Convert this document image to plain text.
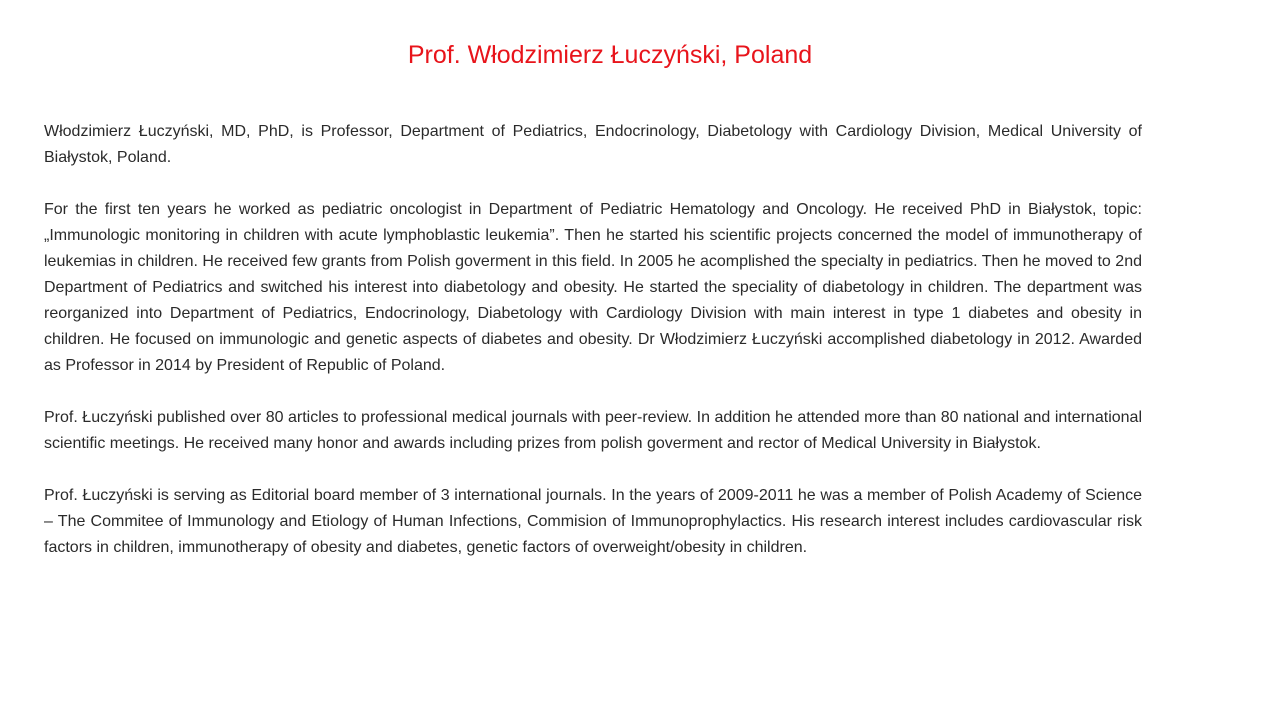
Prof. Włodzimierz Łuczyński, Poland

Włodzimierz Łuczyński, MD, PhD, is Professor, Department of Pediatrics, Endocrinology, Diabetology with Cardiology Division, Medical University of Białystok, Poland.

For the first ten years he worked as pediatric oncologist in Department of Pediatric Hematology and Oncology. He received PhD in Białystok, topic: „Immunologic monitoring in children with acute lymphoblastic leukemia”. Then he started his scientific projects concerned the model of immunotherapy of leukemias in children. He received few grants from Polish goverment in this field. In 2005 he acomplished the specialty in pediatrics. Then he moved to 2nd Department of Pediatrics and switched his interest into diabetology and obesity. He started the speciality of diabetology in children. The department was reorganized into Department of Pediatrics, Endocrinology, Diabetology with Cardiology Division with main interest in type 1 diabetes and obesity in children. He focused on immunologic and genetic aspects of diabetes and obesity. Dr Włodzimierz Łuczyński accomplished diabetology in 2012. Awarded as Professor in 2014 by President of Republic of Poland.

Prof. Łuczyński published over 80 articles to professional medical journals with peer-review. In addition he attended more than 80 national and international scientific meetings. He received many honor and awards including prizes from polish goverment and rector of Medical University in Białystok.

Prof. Łuczyński is serving as Editorial board member of 3 international journals. In the years of 2009-2011 he was a member of Polish Academy of Science – The Commitee of Immunology and Etiology of Human Infections, Commision of Immunoprophylactics. His research interest includes cardiovascular risk factors in children, immunotherapy of obesity and diabetes, genetic factors of overweight/obesity in children.
